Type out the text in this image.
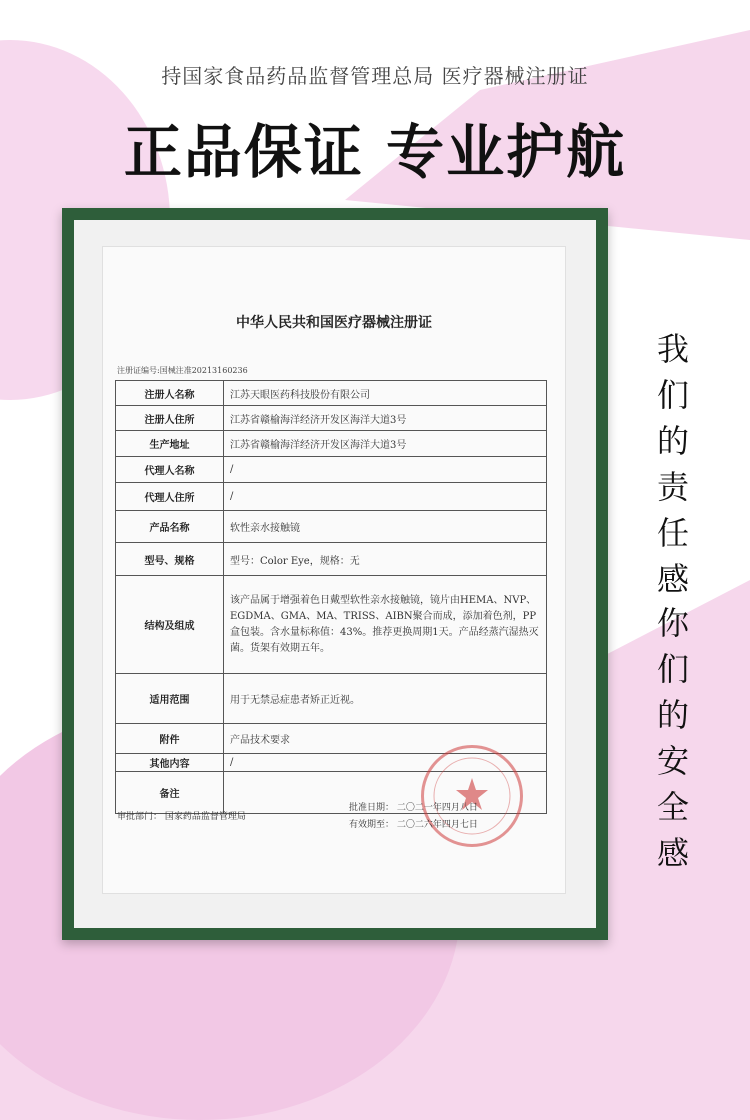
持国家食品药品监督管理总局 医疗器械注册证
正品保证 专业护航
中华人民共和国医疗器械注册证
注册证编号:国械注准20213160236
注册人名称	江苏天眼医药科技股份有限公司
注册人住所	江苏省赣榆海洋经济开发区海洋大道3号
生产地址	江苏省赣榆海洋经济开发区海洋大道3号
代理人名称	/
代理人住所	/
产品名称	软性亲水接触镜
型号、规格	型号：Color Eye，规格：无
结构及组成	该产品属于增强着色日戴型软性亲水接触镜，镜片由HEMA、NVP、EGDMA、GMA、MA、TRISS、AIBN聚合而成，添加着色剂，PP盒包装。含水量标称值：43%。推荐更换周期1天。产品经蒸汽湿热灭菌。货架有效期五年。
适用范围	用于无禁忌症患者矫正近视。
附件	产品技术要求
其他内容	/
备注	
审批部门： 国家药品监督管理局
批准日期： 二〇二一年四月八日
有效期至： 二〇二六年四月七日
我
们
的
责
任
感
你
们
的
安
全
感
